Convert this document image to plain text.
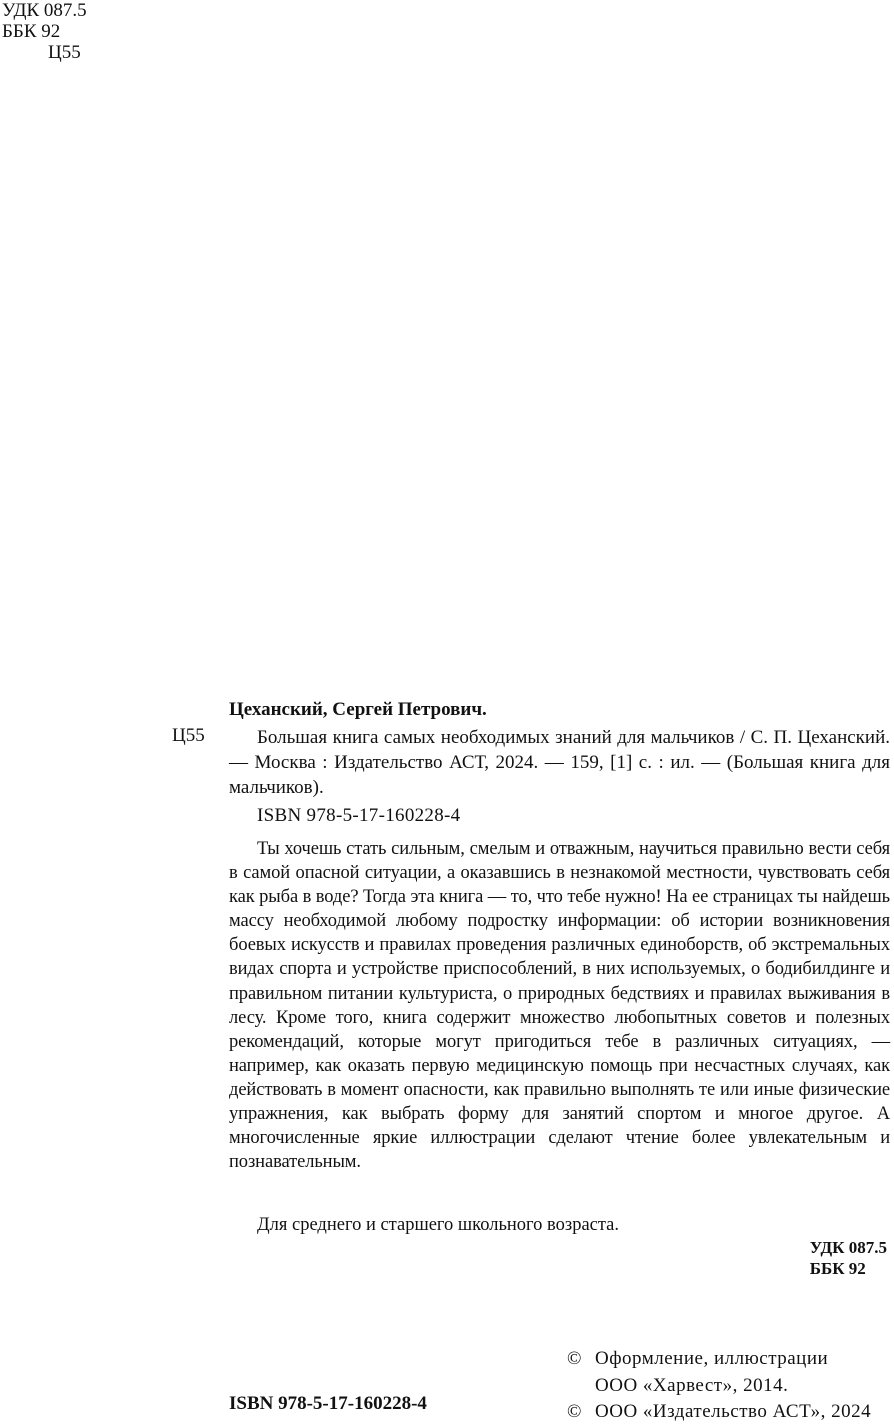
УДК 087.5
ББК 92
Ц55
Цеханский, Сергей Петрович.
Ц55	Большая книга самых необходимых знаний для мальчиков / С. П. Цеханский. — Москва : Издательство АСТ, 2024. — 159, [1] с. : ил. — (Большая книга для мальчиков).
ISBN 978-5-17-160228-4
Ты хочешь стать сильным, смелым и отважным, научиться правильно вести себя в самой опасной ситуации, а оказавшись в незнакомой местности, чувствовать себя как рыба в воде? Тогда эта книга — то, что тебе нужно! На ее страницах ты найдешь массу необходимой любому подростку информации: об истории возникновения боевых искусств и правилах проведения различных единоборств, об экстремальных видах спорта и устройстве приспособлений, в них используемых, о бодибилдинге и правильном питании культуриста, о природных бедствиях и правилах выживания в лесу. Кроме того, книга содержит множество любопытных советов и полезных рекомендаций, которые могут пригодиться тебе в различных ситуациях, — например, как оказать первую медицинскую помощь при несчастных случаях, как действовать в момент опасности, как правильно выполнять те или иные физические упражнения, как выбрать форму для занятий спортом и многое другое. А многочисленные яркие иллюстрации сделают чтение более увлекательным и познавательным.
Для среднего и старшего школьного возраста.
УДК 087.5
ББК 92
ISBN 978-5-17-160228-4
© Оформление, иллюстрации
ООО «Харвест», 2014.
© ООО «Издательство АСТ», 2024
